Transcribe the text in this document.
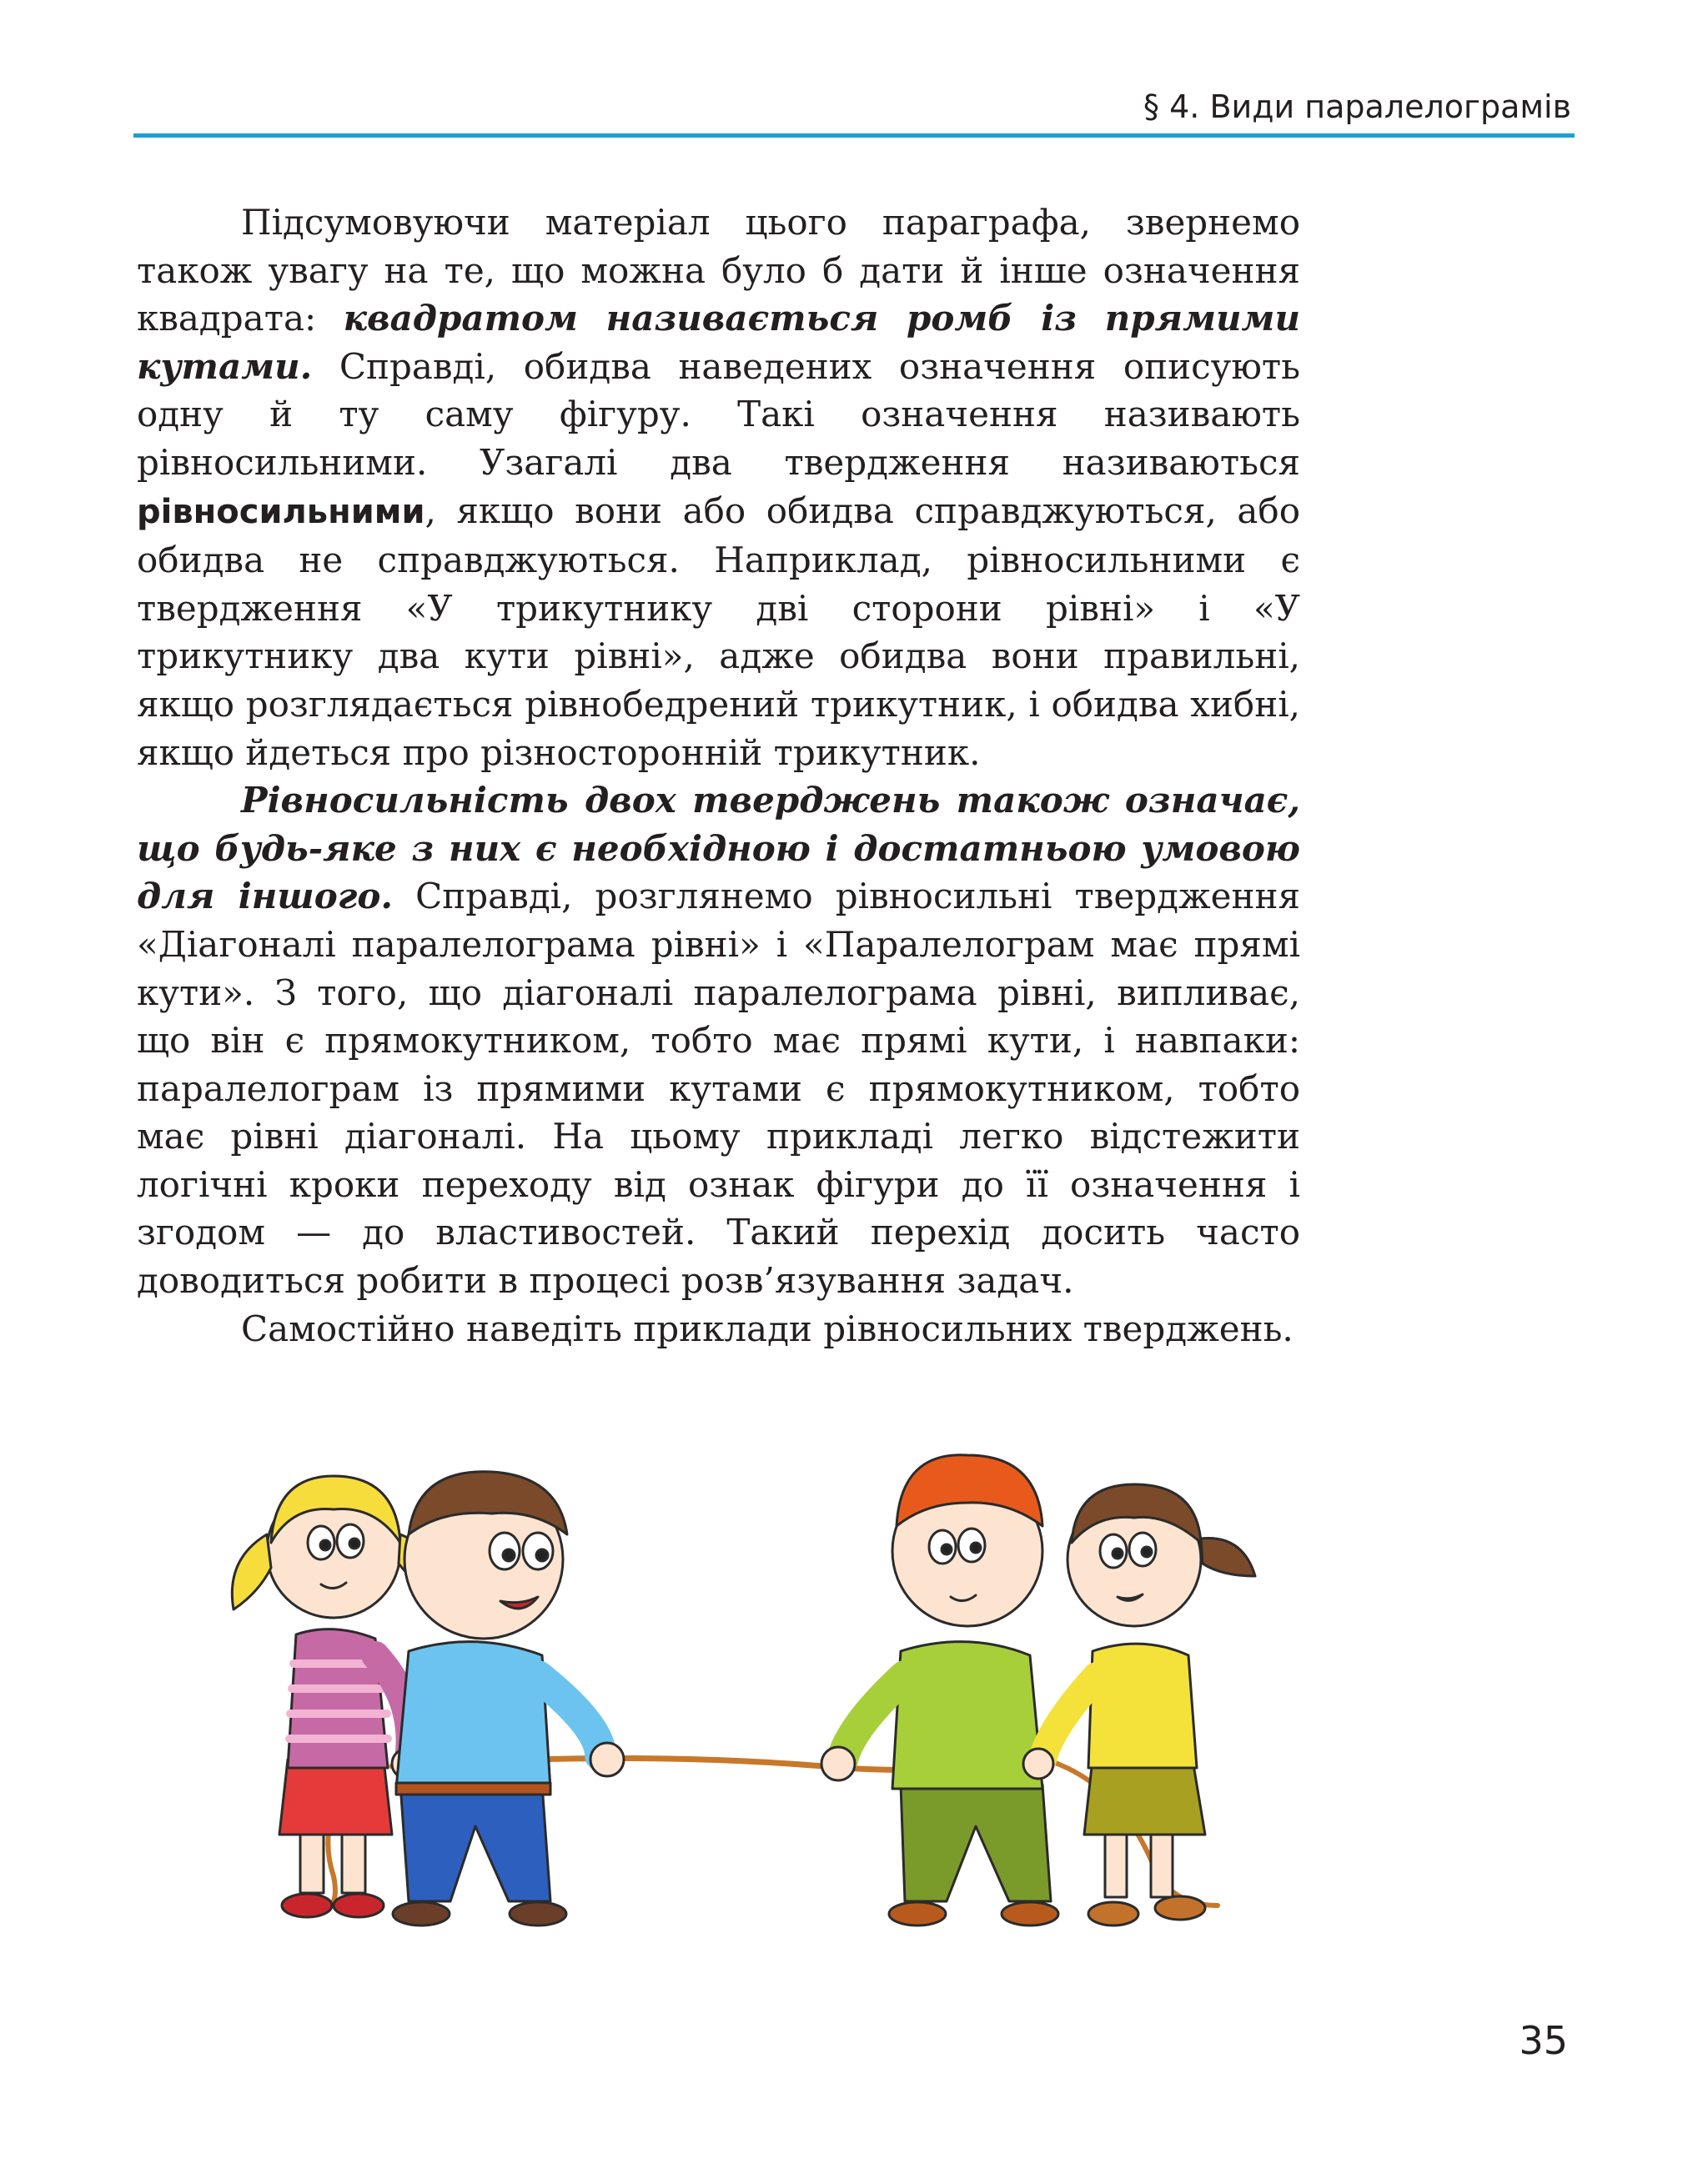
§ 4. Види паралелограмів

Підсумовуючи матеріал цього параграфа, звернемо також увагу на те, що можна було б дати й інше означення квадрата: квадратом називається ромб із прямими кутами. Справді, обидва наведених означення описують одну й ту саму фігуру. Такі означення називають рівносильними. Узагалі два твердження називаються рівносильними, якщо вони або обидва справджуються, або обидва не справджуються. Наприклад, рівносильними є твердження «У трикутнику дві сторони рівні» і «У трикутнику два кути рівні», адже обидва вони правильні, якщо розглядається рівнобедрений трикутник, і обидва хибні, якщо йдеться про різносторонній трикутник.

Рівносильність двох тверджень також означає, що будь-яке з них є необхідною і достатньою умовою для іншого. Справді, розглянемо рівносильні твердження «Діагоналі паралелограма рівні» і «Паралелограм має прямі кути». З того, що діагоналі паралелограма рівні, випливає, що він є прямокутником, тобто має прямі кути, і навпаки: паралелограм із прямими кутами є прямокутником, тобто має рівні діагоналі. На цьому прикладі легко відстежити логічні кроки переходу від ознак фігури до її означення і згодом — до властивостей. Такий перехід досить часто доводиться робити в процесі розв’язування задач.

Самостійно наведіть приклади рівносильних тверджень.

35
